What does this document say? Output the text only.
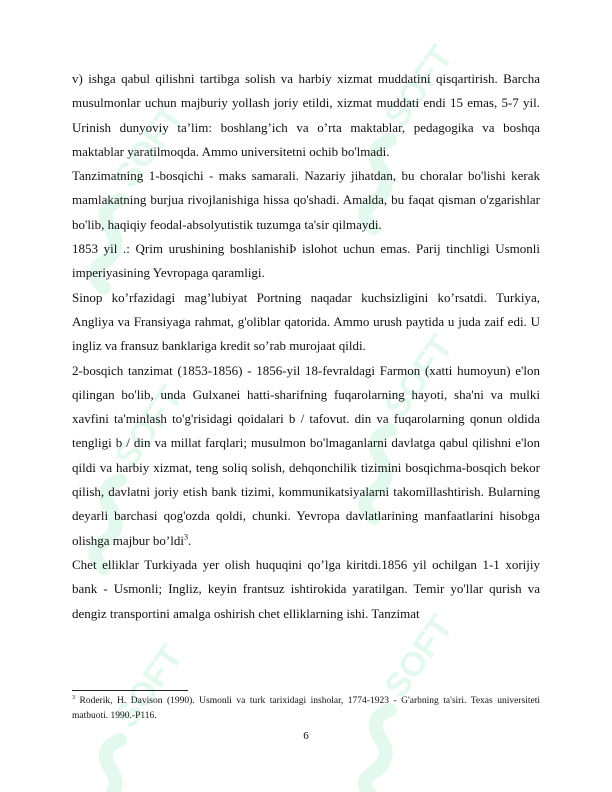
v) ishga qabul qilishni tartibga solish va harbiy xizmat muddatini qisqartirish. Barcha musulmonlar uchun majburiy yollash joriy etildi, xizmat muddati endi 15 emas, 5-7 yil. Urinish dunyoviy ta’lim: boshlang’ich va o’rta maktablar, pedagogika va boshqa maktablar yaratilmoqda. Ammo universitetni ochib bo'lmadi.

Tanzimatning 1-bosqichi - maks samarali. Nazariy jihatdan, bu choralar bo'lishi kerak mamlakatning burjua rivojlanishiga hissa qo'shadi. Amalda, bu faqat qisman o'zgarishlar bo'lib, haqiqiy feodal-absolyutistik tuzumga ta'sir qilmaydi.

1853 yil .: Qrim urushining boshlanishiÞ islohot uchun emas. Parij tinchligi Usmonli imperiyasining Yevropaga qaramligi.

Sinop ko’rfazidagi mag’lubiyat Portning naqadar kuchsizligini ko’rsatdi. Turkiya, Angliya va Fransiyaga rahmat, g'oliblar qatorida. Ammo urush paytida u juda zaif edi. U ingliz va fransuz banklariga kredit so’rab murojaat qildi.

2-bosqich tanzimat (1853-1856) - 1856-yil 18-fevraldagi Farmon (xatti humoyun) e'lon qilingan bo'lib, unda Gulxanei hatti-sharifning fuqarolarning hayoti, sha'ni va mulki xavfini ta'minlash to'g'risidagi qoidalari b / tafovut. din va fuqarolarning qonun oldida tengligi b / din va millat farqlari; musulmon bo'lmaganlarni davlatga qabul qilishni e'lon qildi va harbiy xizmat, teng soliq solish, dehqonchilik tizimini bosqichma-bosqich bekor qilish, davlatni joriy etish bank tizimi, kommunikatsiyalarni takomillashtirish. Bularning deyarli barchasi qog'ozda qoldi, chunki. Yevropa davlatlarining manfaatlarini hisobga olishga majbur bo’ldi$^3$.

Chet elliklar Turkiyada yer olish huquqini qo’lga kiritdi.1856 yil ochilgan 1-1 xorijiy bank - Usmonli; Ingliz, keyin frantsuz ishtirokida yaratilgan. Temir yo'llar qurish va dengiz transportini amalga oshirish chet elliklarning ishi. Tanzimat

$^3$ Roderik, H. Davison (1990). Usmonli va turk tarixidagi insholar, 1774-1923 - G'arbning ta'siri. Texas universiteti matbuoti. 1990.-P116.

6
